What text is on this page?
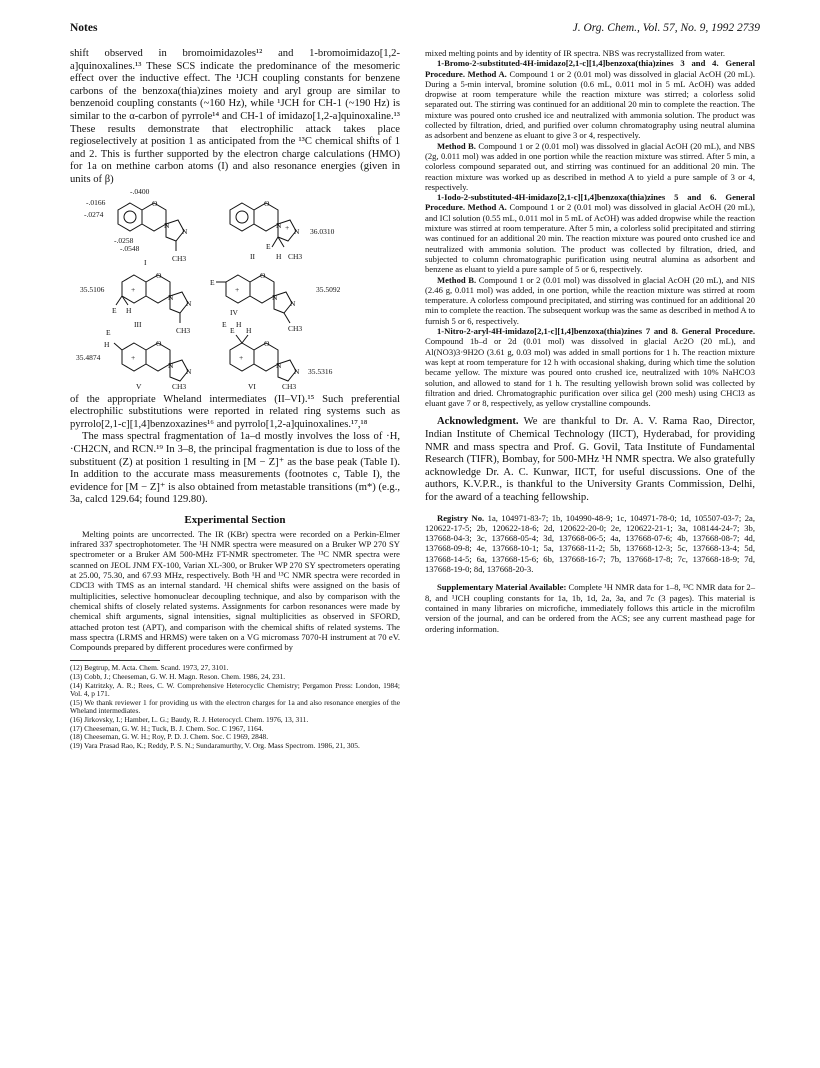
Notes	J. Org. Chem., Vol. 57, No. 9, 1992 2739

shift observed in bromoimidazoles¹² and 1-bromoimidazo[1,2-a]quinoxalines.¹³ These SCS indicate the predominance of the mesomeric effect over the inductive effect. The ¹JCH coupling constants for benzene carbons of the benzoxa(thia)zines moiety and aryl group are similar to benzenoid coupling constants (~160 Hz), while ¹JCH for CH-1 (~190 Hz) is similar to the α-carbon of pyrrole¹⁴ and CH-1 of imidazo[1,2-a]quinoxaline.¹³ These results demonstrate that electrophilic attack takes place regioselectively at position 1 as anticipated from the ¹³C chemical shifts of 1 and 2. This is further supported by the electron charge calculations (HMO) for 1a on methine carbon atoms (I) and also resonance energies (given in units of β)

O
N
N
CH3
-.0400
-.0166
-.0274
-.0258
-.0548
I
O
N
N
+
E
H CH3
II
36.0310
+
O
N
N
CH3
E H
III
35.5106	+
E
O
N
N
CH3
IV
E H
35.5092
+
E
H	O
N
N
CH3
V
35.4874	+
E H
O
N
N
CH3
VI
35.5316

of the appropriate Wheland intermediates (II–VI).¹⁵ Such preferential electrophilic substitutions were reported in related ring systems such as pyrrolo[2,1-c][1,4]benzoxazines¹⁶ and pyrrolo[1,2-a]quinoxalines.¹⁷,¹⁸

The mass spectral fragmentation of 1a–d mostly involves the loss of ·H, ·CH2CN, and RCN.¹⁹ In 3–8, the principal fragmentation is due to loss of the substituent (Z) at position 1 resulting in [M − Z]⁺ as the base peak (Table I). In addition to the accurate mass measurements (footnotes c, Table I), the evidence for [M − Z]⁺ is also obtained from metastable transitions (m*) (e.g., 3a, calcd 129.64; found 129.80).

Experimental Section

Melting points are uncorrected. The IR (KBr) spectra were recorded on a Perkin-Elmer infrared 337 spectrophotometer. The ¹H NMR spectra were measured on a Bruker WP 270 SY spectrometer or a Bruker AM 500-MHz FT-NMR spectrometer. The ¹³C NMR spectra were scanned on JEOL JNM FX-100, Varian XL-300, or Bruker WP 270 SY spectrometers operating at 25.00, 75.30, and 67.93 MHz, respectively. Both ¹H and ¹³C NMR spectra were recorded in CDCl3 with TMS as an internal standard. ¹H chemical shifts were assigned on the basis of multiplicities, selective homonuclear decoupling technique, and also by comparison with the chemical shifts of closely related systems. Assignments for carbon resonances were made by chemical shift arguments, signal intensities, signal multiplicities as observed in SFORD, attached proton test (APT), and comparison with the chemical shifts of related systems. The mass spectra (LRMS and HRMS) were taken on a VG micromass 7070-H instrument at 70 eV. Compounds prepared by different procedures were confirmed by

(12) Begtrup, M. Acta. Chem. Scand. 1973, 27, 3101.

(13) Cobb, J.; Cheeseman, G. W. H. Magn. Reson. Chem. 1986, 24, 231.

(14) Katritzky, A. R.; Rees, C. W. Comprehensive Heterocyclic Chemistry; Pergamon Press: London, 1984; Vol. 4, p 171.

(15) We thank reviewer 1 for providing us with the electron charges for 1a and also resonance energies of the Wheland intermediates.

(16) Jirkovsky, I.; Hamber, L. G.; Baudy, R. J. Heterocycl. Chem. 1976, 13, 311.

(17) Cheeseman, G. W. H.; Tuck, B. J. Chem. Soc. C 1967, 1164.

(18) Cheeseman, G. W. H.; Roy, P. D. J. Chem. Soc. C 1969, 2848.

(19) Vara Prasad Rao, K.; Reddy, P. S. N.; Sundaramurthy, V. Org. Mass Spectrom. 1986, 21, 305.

mixed melting points and by identity of IR spectra. NBS was recrystallized from water.

1-Bromo-2-substituted-4H-imidazo[2,1-c][1,4]benzoxa(thia)zines 3 and 4. General Procedure. Method A. Compound 1 or 2 (0.01 mol) was dissolved in glacial AcOH (20 mL). During a 5-min interval, bromine solution (0.6 mL, 0.011 mol in 5 mL AcOH) was added dropwise at room temperature while the reaction mixture was stirred; a colorless solid separated out. The stirring was continued for an additional 20 min to complete the reaction. The mixture was poured onto crushed ice and neutralized with ammonia solution. The product was collected by filtration, dried, and purified over column chromatography using neutral alumina as adsorbent and benzene as eluant to give 3 or 4, respectively.

Method B. Compound 1 or 2 (0.01 mol) was dissolved in glacial AcOH (20 mL), and NBS (2g, 0.011 mol) was added in one portion while the reaction mixture was stirred. After 5 min, a colorless compound separated out, and stirring was continued for an additional 20 min. The reaction mixture was worked up as described in method A to yield a pure sample of 3 or 4, respectively.

1-Iodo-2-substituted-4H-imidazo[2,1-c][1,4]benzoxa(thia)zines 5 and 6. General Procedure. Method A. Compound 1 or 2 (0.01 mol) was dissolved in glacial AcOH (20 mL), and ICl solution (0.55 mL, 0.011 mol in 5 mL of AcOH) was added dropwise while the reaction mixture was stirred at room temperature. After 5 min, a colorless solid precipitated and stirring was continued for an additional 20 min. The reaction mixture was poured onto crushed ice and neutralized with ammonia solution. The product was collected by filtration, dried, and subjected to column chromatographic purification using neutral alumina as adsorbent and benzene as eluant to yield a pure sample of 5 or 6, respectively.

Method B. Compound 1 or 2 (0.01 mol) was dissolved in glacial AcOH (20 mL), and NIS (2.46 g, 0.011 mol) was added, in one portion, while the reaction mixture was stirred at room temperature. A colorless compound precipitated, and stirring was continued for an additional 20 min to complete the reaction. The subsequent workup was the same as described in method A to furnish 5 or 6, respectively.

1-Nitro-2-aryl-4H-imidazo[2,1-c][1,4]benzoxa(thia)zines 7 and 8. General Procedure. Compound 1b–d or 2d (0.01 mol) was dissolved in glacial Ac2O (20 mL), and Al(NO3)3·9H2O (3.61 g, 0.03 mol) was added in small portions for 1 h. The reaction mixture was kept at room temperature for 12 h with occasional shaking, during which time the solution became yellow. The mixture was poured onto crushed ice, neutralized with 10% NaHCO3 solution, and allowed to stand for 1 h. The resulting yellowish brown solid was collected by filtration and dried. Chromatographic purification over silica gel (200 mesh) using CHCl3 as eluant gave 7 or 8, respectively, as yellow crystalline compounds.

Acknowledgment. We are thankful to Dr. A. V. Rama Rao, Director, Indian Institute of Chemical Technology (IICT), Hyderabad, for providing NMR and mass spectra and Prof. G. Govil, Tata Institute of Fundamental Research (TIFR), Bombay, for 500-MHz ¹H NMR spectra. We also gratefully acknowledge Dr. A. C. Kunwar, IICT, for useful discussions. One of the authors, K.V.P.R., is thankful to the University Grants Commission, Delhi, for the award of a teaching fellowship.

Registry No. 1a, 104971-83-7; 1b, 104990-48-9; 1c, 104971-78-0; 1d, 105507-03-7; 2a, 120622-17-5; 2b, 120622-18-6; 2d, 120622-20-0; 2e, 120622-21-1; 3a, 108144-24-7; 3b, 137668-04-3; 3c, 137668-05-4; 3d, 137668-06-5; 4a, 137668-07-6; 4b, 137668-08-7; 4d, 137668-09-8; 4e, 137668-10-1; 5a, 137668-11-2; 5b, 137668-12-3; 5c, 137668-13-4; 5d, 137668-14-5; 6a, 137668-15-6; 6b, 137668-16-7; 7b, 137668-17-8; 7c, 137668-18-9; 7d, 137668-19-0; 8d, 137668-20-3.

Supplementary Material Available: Complete ¹H NMR data for 1–8, ¹³C NMR data for 2–8, and ¹JCH coupling constants for 1a, 1b, 1d, 2a, 3a, and 7c (3 pages). This material is contained in many libraries on microfiche, immediately follows this article in the microfilm version of the journal, and can be ordered from the ACS; see any current masthead page for ordering information.
